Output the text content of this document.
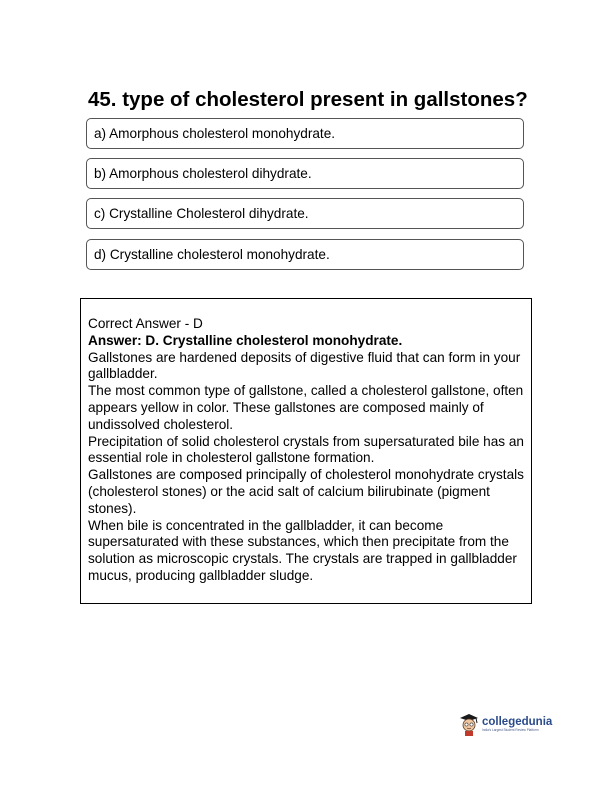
45. type of cholesterol present in gallstones?
a) Amorphous cholesterol monohydrate.
b) Amorphous cholesterol dihydrate.
c) Crystalline Cholesterol dihydrate.
d) Crystalline cholesterol monohydrate.

Correct Answer - D

Answer: D. Crystalline cholesterol monohydrate.

Gallstones are hardened deposits of digestive fluid that can form in your gallbladder.

The most common type of gallstone, called a cholesterol gallstone, often appears yellow in color. These gallstones are composed mainly of undissolved cholesterol.

Precipitation of solid cholesterol crystals from supersaturated bile has an essential role in cholesterol gallstone formation.

Gallstones are composed principally of cholesterol monohydrate crystals (cholesterol stones) or the acid salt of calcium bilirubinate (pigment stones).

When bile is concentrated in the gallbladder, it can become supersaturated with these substances, which then precipitate from the solution as microscopic crystals. The crystals are trapped in gallbladder mucus, producing gallbladder sludge.

collegedunia
India's Largest Student Review Platform
